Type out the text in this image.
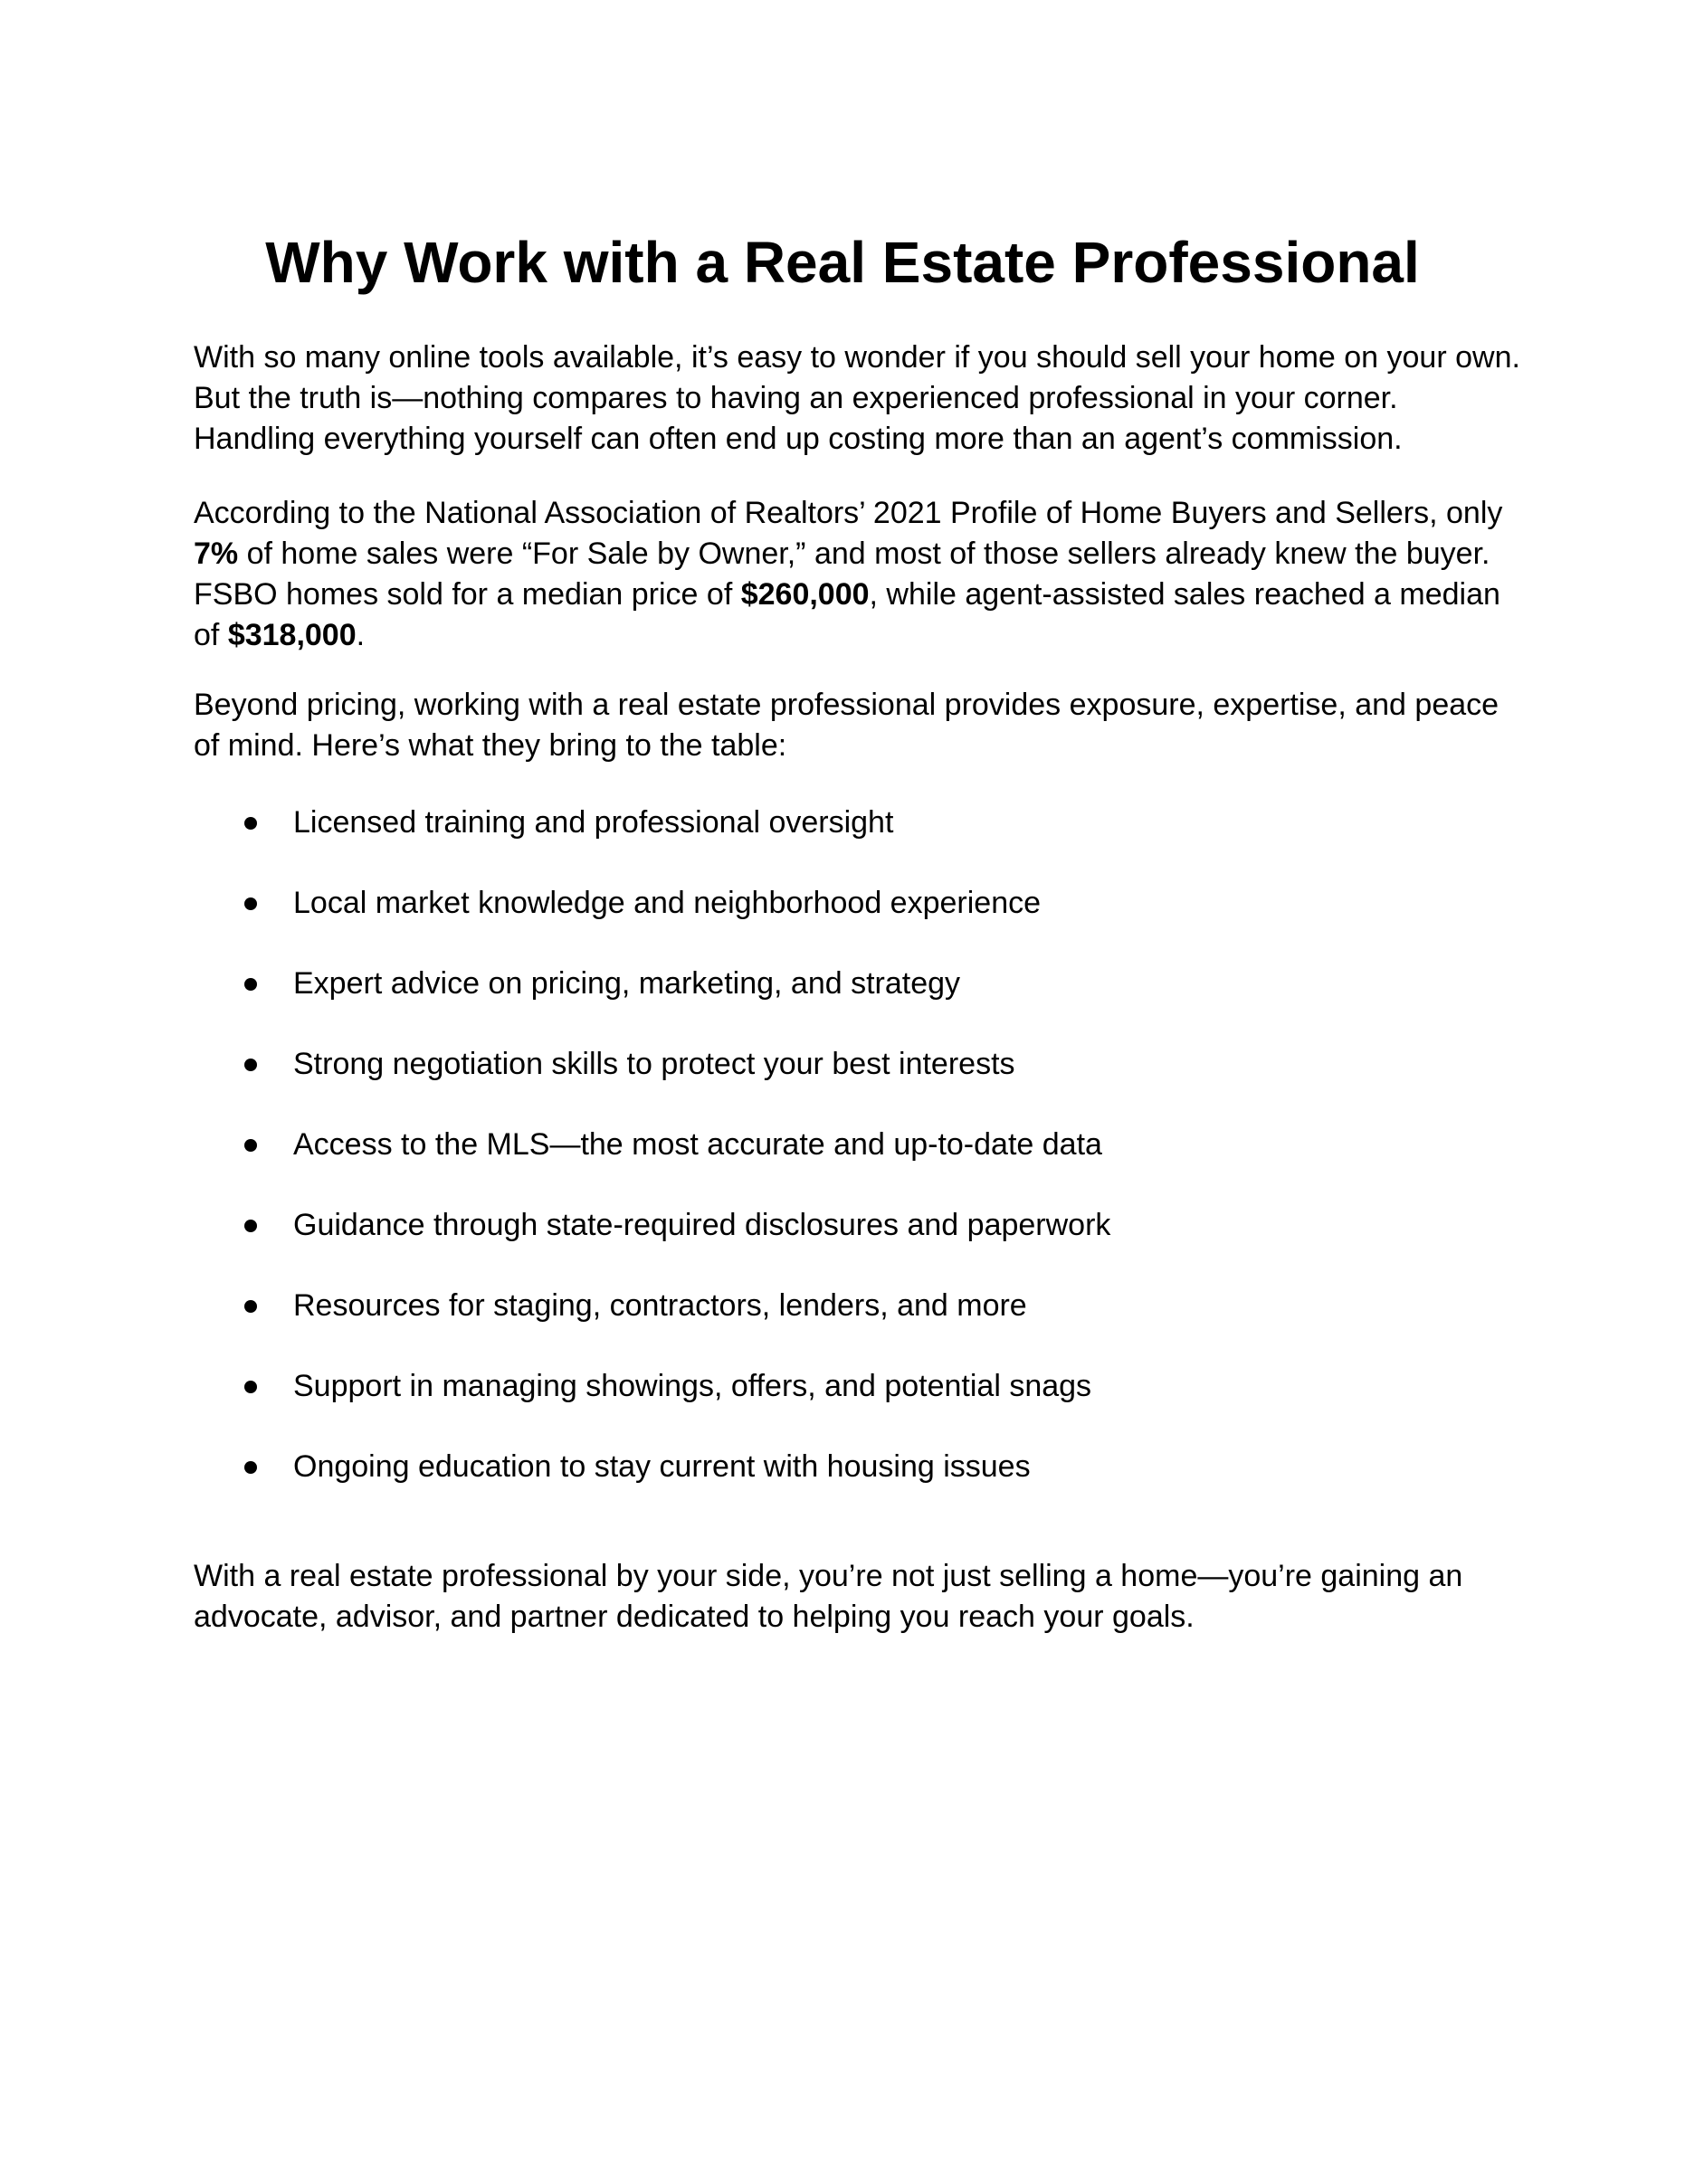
Why Work with a Real Estate Professional

With so many online tools available, it’s easy to wonder if you should sell your home on your own. But the truth is—nothing compares to having an experienced professional in your corner. Handling everything yourself can often end up costing more than an agent’s commission.

According to the National Association of Realtors’ 2021 Profile of Home Buyers and Sellers, only 7% of home sales were “For Sale by Owner,” and most of those sellers already knew the buyer. FSBO homes sold for a median price of $260,000, while agent-assisted sales reached a median of $318,000.

Beyond pricing, working with a real estate professional provides exposure, expertise, and peace of mind. Here’s what they bring to the table:

Licensed training and professional oversight
Local market knowledge and neighborhood experience
Expert advice on pricing, marketing, and strategy
Strong negotiation skills to protect your best interests
Access to the MLS—the most accurate and up-to-date data
Guidance through state-required disclosures and paperwork
Resources for staging, contractors, lenders, and more
Support in managing showings, offers, and potential snags
Ongoing education to stay current with housing issues

With a real estate professional by your side, you’re not just selling a home—you’re gaining an advocate, advisor, and partner dedicated to helping you reach your goals.
